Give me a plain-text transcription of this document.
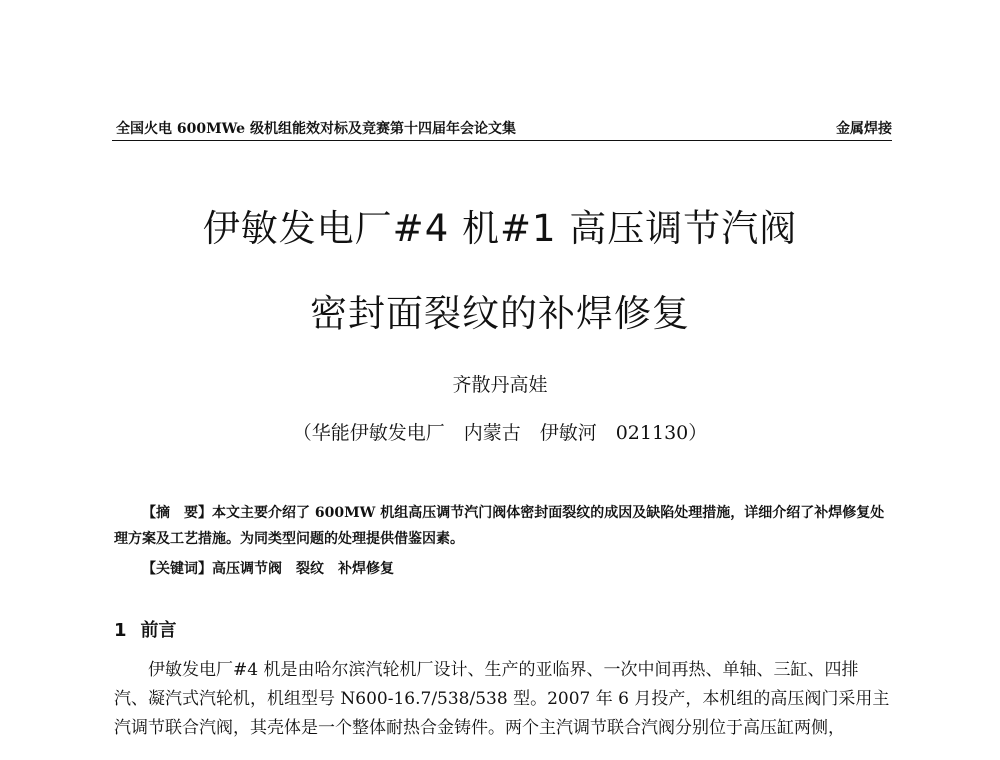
全国火电 600MWe 级机组能效对标及竞赛第十四届年会论文集	金属焊接
伊敏发电厂#4 机#1 高压调节汽阀
密封面裂纹的补焊修复
齐散丹高娃
（华能伊敏发电厂　内蒙古　伊敏河　021130）

【摘　要】本文主要介绍了 600MW 机组高压调节汽门阀体密封面裂纹的成因及缺陷处理措施，详细介绍了补焊修复处理方案及工艺措施。为同类型问题的处理提供借鉴因素。

【关键词】高压调节阀　裂纹　补焊修复
1 前言

伊敏发电厂#4 机是由哈尔滨汽轮机厂设计、生产的亚临界、一次中间再热、单轴、三缸、四排汽、凝汽式汽轮机，机组型号 N600-16.7/538/538 型。2007 年 6 月投产，本机组的高压阀门采用主汽调节联合汽阀，其壳体是一个整体耐热合金铸件。两个主汽调节联合汽阀分别位于高压缸两侧，
